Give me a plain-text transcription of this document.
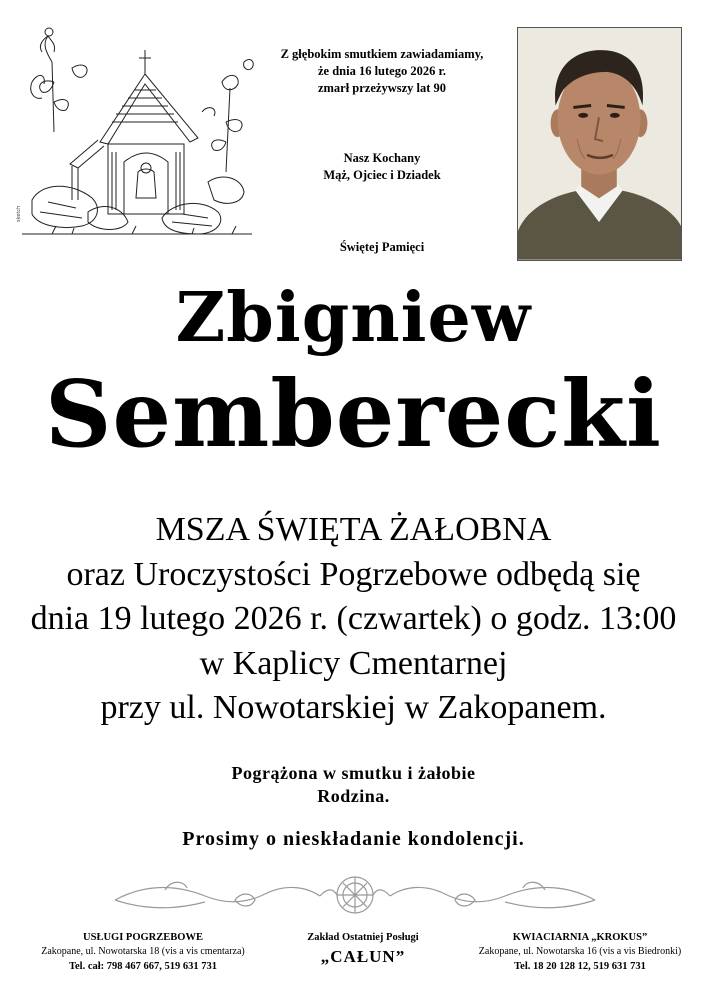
sketch
Z głębokim smutkiem zawiadamiamy,
że dnia 16 lutego 2026 r.
zmarł przeżywszy lat 90
Nasz Kochany
Mąż, Ojciec i Dziadek
Świętej Pamięci
Zbigniew
Semberecki
MSZA ŚWIĘTA ŻAŁOBNA
oraz Uroczystości Pogrzebowe odbędą się
dnia 19 lutego 2026 r. (czwartek) o godz. 13:00
w Kaplicy Cmentarnej
przy ul. Nowotarskiej w Zakopanem.
Pogrążona w smutku i żałobie
Rodzina.
Prosimy o nieskładanie kondolencji.
USŁUGI POGRZEBOWE
Zakopane, ul. Nowotarska 18 (vis a vis cmentarza)
Tel. cał: 798 467 667, 519 631 731
Zakład Ostatniej Posługi
„CAŁUN”
KWIACIARNIA „KROKUS”
Zakopane, ul. Nowotarska 16 (vis a vis Biedronki)
Tel. 18 20 128 12, 519 631 731
